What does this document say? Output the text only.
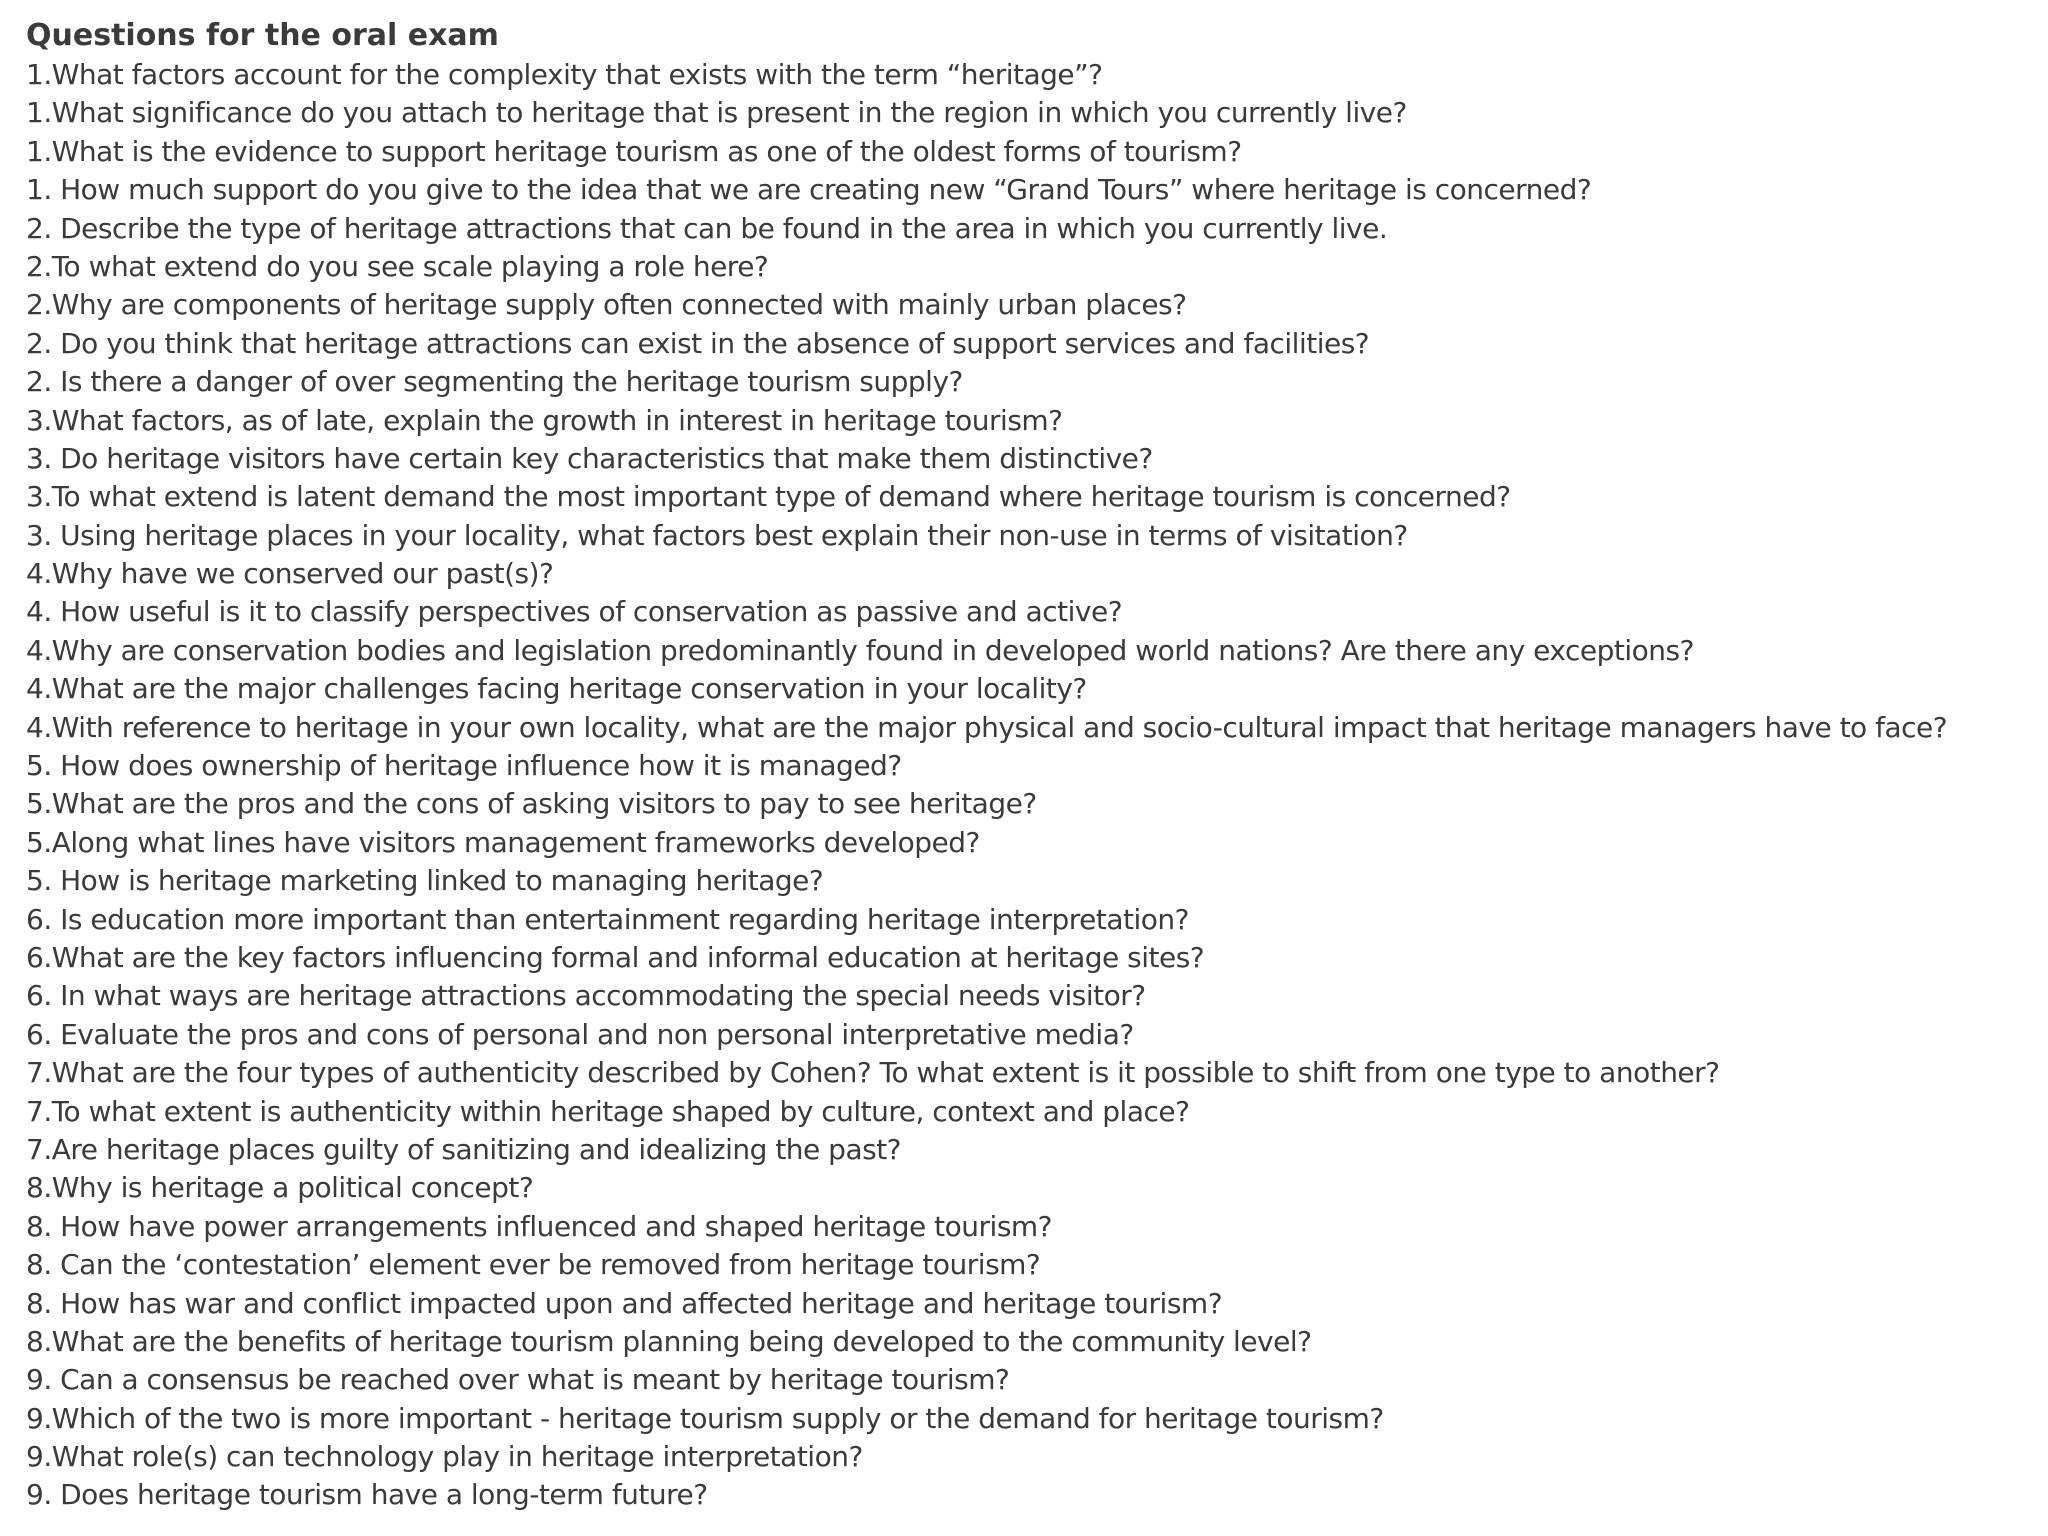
Questions for the oral exam
1.What factors account for the complexity that exists with the term “heritage”?
1.What significance do you attach to heritage that is present in the region in which you currently live?
1.What is the evidence to support heritage tourism as one of the oldest forms of tourism?
1. How much support do you give to the idea that we are creating new “Grand Tours” where heritage is concerned?
2. Describe the type of heritage attractions that can be found in the area in which you currently live.
2.To what extend do you see scale playing a role here?
2.Why are components of heritage supply often connected with mainly urban places?
2. Do you think that heritage attractions can exist in the absence of support services and facilities?
2. Is there a danger of over segmenting the heritage tourism supply?
3.What factors, as of late, explain the growth in interest in heritage tourism?
3. Do heritage visitors have certain key characteristics that make them distinctive?
3.To what extend is latent demand the most important type of demand where heritage tourism is concerned?
3. Using heritage places in your locality, what factors best explain their non-use in terms of visitation?
4.Why have we conserved our past(s)?
4. How useful is it to classify perspectives of conservation as passive and active?
4.Why are conservation bodies and legislation predominantly found in developed world nations? Are there any exceptions?
4.What are the major challenges facing heritage conservation in your locality?
4.With reference to heritage in your own locality, what are the major physical and socio-cultural impact that heritage managers have to face?
5. How does ownership of heritage influence how it is managed?
5.What are the pros and the cons of asking visitors to pay to see heritage?
5.Along what lines have visitors management frameworks developed?
5. How is heritage marketing linked to managing heritage?
6. Is education more important than entertainment regarding heritage interpretation?
6.What are the key factors influencing formal and informal education at heritage sites?
6. In what ways are heritage attractions accommodating the special needs visitor?
6. Evaluate the pros and cons of personal and non personal interpretative media?
7.What are the four types of authenticity described by Cohen? To what extent is it possible to shift from one type to another?
7.To what extent is authenticity within heritage shaped by culture, context and place?
7.Are heritage places guilty of sanitizing and idealizing the past?
8.Why is heritage a political concept?
8. How have power arrangements influenced and shaped heritage tourism?
8. Can the ‘contestation’ element ever be removed from heritage tourism?
8. How has war and conflict impacted upon and affected heritage and heritage tourism?
8.What are the benefits of heritage tourism planning being developed to the community level?
9. Can a consensus be reached over what is meant by heritage tourism?
9.Which of the two is more important - heritage tourism supply or the demand for heritage tourism?
9.What role(s) can technology play in heritage interpretation?
9. Does heritage tourism have a long-term future?
